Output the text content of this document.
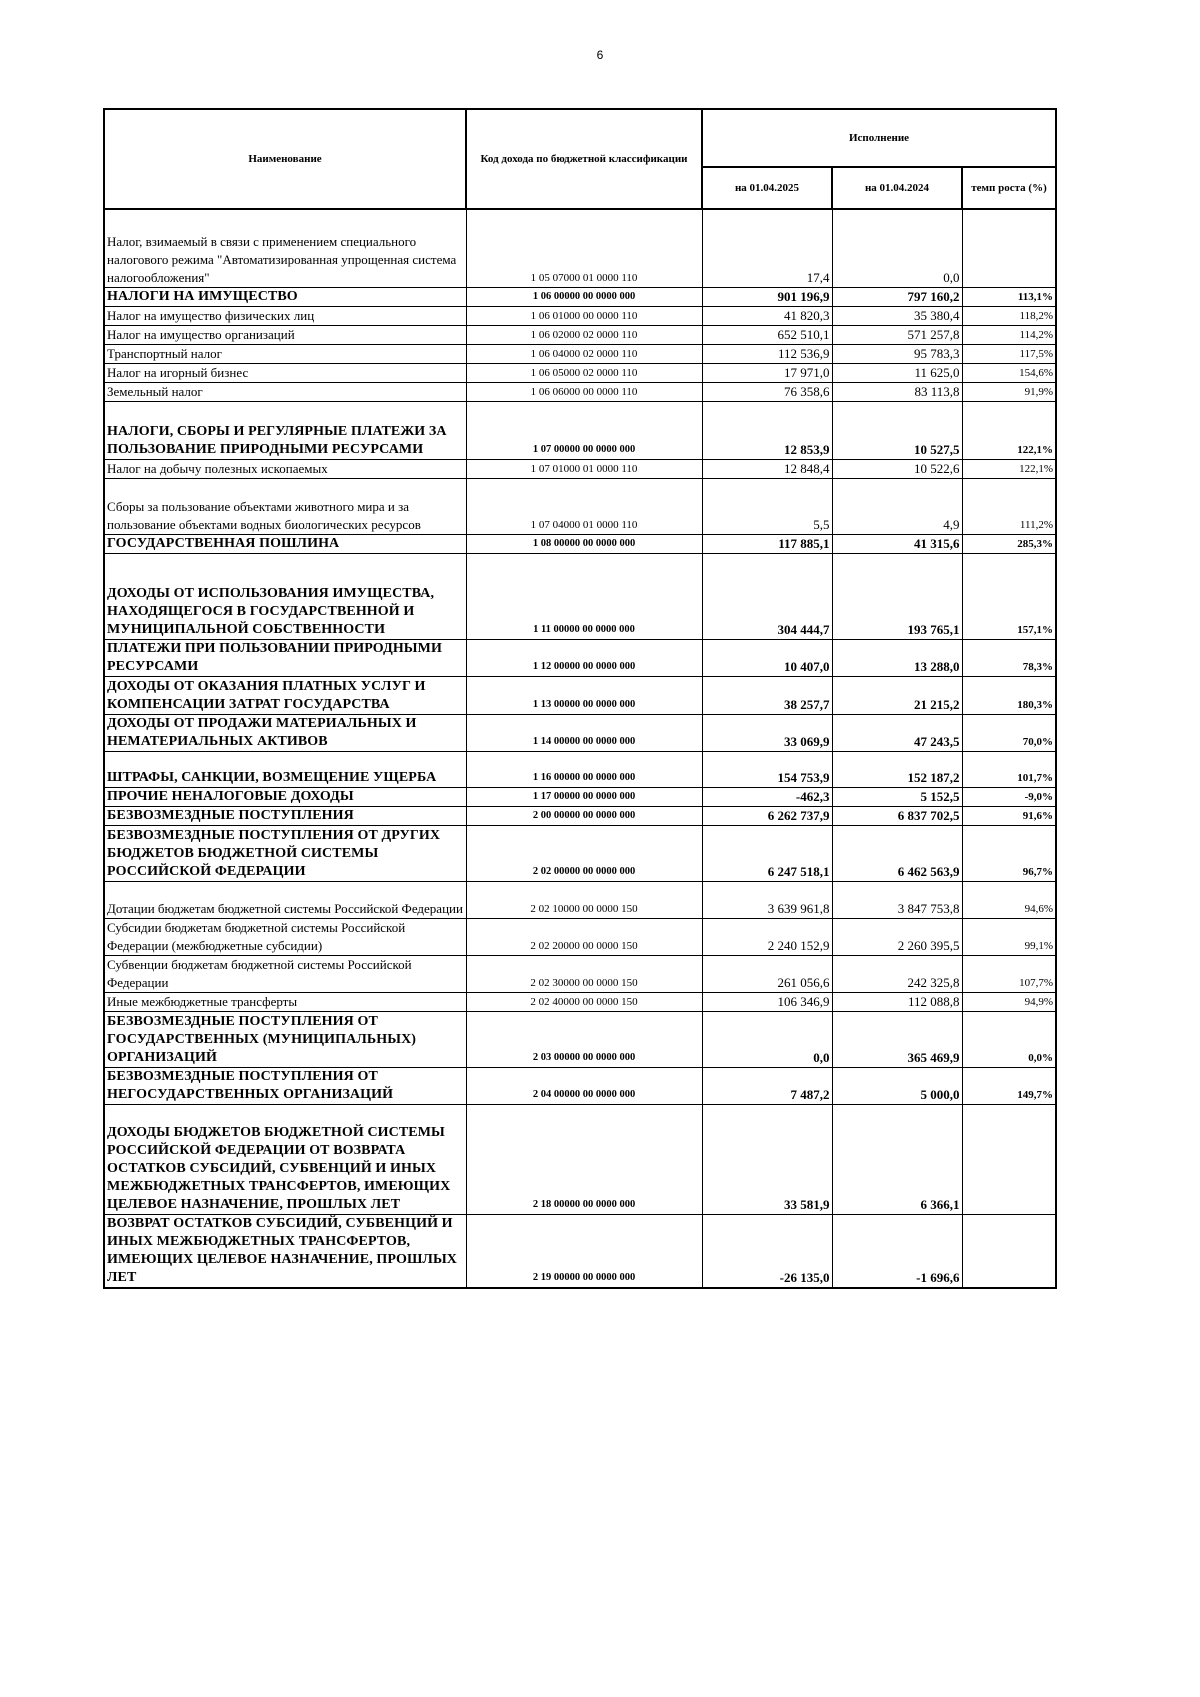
6
Наименование	Код дохода по бюджетной классификации	Исполнение		
		на 01.04.2025	на 01.04.2024	темп роста (%)
Налог, взимаемый в связи с применением специального налогового режима "Автоматизированная упрощенная система налогообложения"	1 05 07000 01 0000 110	17,4	0,0	
НАЛОГИ НА ИМУЩЕСТВО	1 06 00000 00 0000 000	901 196,9	797 160,2	113,1%
Налог на имущество физических лиц	1 06 01000 00 0000 110	41 820,3	35 380,4	118,2%
Налог на имущество организаций	1 06 02000 02 0000 110	652 510,1	571 257,8	114,2%
Транспортный налог	1 06 04000 02 0000 110	112 536,9	95 783,3	117,5%
Налог на игорный бизнес	1 06 05000 02 0000 110	17 971,0	11 625,0	154,6%
Земельный налог	1 06 06000 00 0000 110	76 358,6	83 113,8	91,9%
НАЛОГИ, СБОРЫ И РЕГУЛЯРНЫЕ ПЛАТЕЖИ ЗА ПОЛЬЗОВАНИЕ ПРИРОДНЫМИ РЕСУРСАМИ	1 07 00000 00 0000 000	12 853,9	10 527,5	122,1%
Налог на добычу полезных ископаемых	1 07 01000 01 0000 110	12 848,4	10 522,6	122,1%
Сборы за пользование объектами животного мира и за пользование объектами водных биологических ресурсов	1 07 04000 01 0000 110	5,5	4,9	111,2%
ГОСУДАРСТВЕННАЯ ПОШЛИНА	1 08 00000 00 0000 000	117 885,1	41 315,6	285,3%
ДОХОДЫ ОТ ИСПОЛЬЗОВАНИЯ ИМУЩЕСТВА, НАХОДЯЩЕГОСЯ В ГОСУДАРСТВЕННОЙ И МУНИЦИПАЛЬНОЙ СОБСТВЕННОСТИ	1 11 00000 00 0000 000	304 444,7	193 765,1	157,1%
ПЛАТЕЖИ ПРИ ПОЛЬЗОВАНИИ ПРИРОДНЫМИ РЕСУРСАМИ	1 12 00000 00 0000 000	10 407,0	13 288,0	78,3%
ДОХОДЫ ОТ ОКАЗАНИЯ ПЛАТНЫХ УСЛУГ И КОМПЕНСАЦИИ ЗАТРАТ ГОСУДАРСТВА	1 13 00000 00 0000 000	38 257,7	21 215,2	180,3%
ДОХОДЫ ОТ ПРОДАЖИ МАТЕРИАЛЬНЫХ И НЕМАТЕРИАЛЬНЫХ АКТИВОВ	1 14 00000 00 0000 000	33 069,9	47 243,5	70,0%
ШТРАФЫ, САНКЦИИ, ВОЗМЕЩЕНИЕ УЩЕРБА	1 16 00000 00 0000 000	154 753,9	152 187,2	101,7%
ПРОЧИЕ НЕНАЛОГОВЫЕ ДОХОДЫ	1 17 00000 00 0000 000	-462,3	5 152,5	-9,0%
БЕЗВОЗМЕЗДНЫЕ ПОСТУПЛЕНИЯ	2 00 00000 00 0000 000	6 262 737,9	6 837 702,5	91,6%
БЕЗВОЗМЕЗДНЫЕ ПОСТУПЛЕНИЯ ОТ ДРУГИХ БЮДЖЕТОВ БЮДЖЕТНОЙ СИСТЕМЫ РОССИЙСКОЙ ФЕДЕРАЦИИ	2 02 00000 00 0000 000	6 247 518,1	6 462 563,9	96,7%
Дотации бюджетам бюджетной системы Российской Федерации	2 02 10000 00 0000 150	3 639 961,8	3 847 753,8	94,6%
Субсидии бюджетам бюджетной системы Российской Федерации (межбюджетные субсидии)	2 02 20000 00 0000 150	2 240 152,9	2 260 395,5	99,1%
Субвенции бюджетам бюджетной системы Российской Федерации	2 02 30000 00 0000 150	261 056,6	242 325,8	107,7%
Иные межбюджетные трансферты	2 02 40000 00 0000 150	106 346,9	112 088,8	94,9%
БЕЗВОЗМЕЗДНЫЕ ПОСТУПЛЕНИЯ ОТ ГОСУДАРСТВЕННЫХ (МУНИЦИПАЛЬНЫХ) ОРГАНИЗАЦИЙ	2 03 00000 00 0000 000	0,0	365 469,9	0,0%
БЕЗВОЗМЕЗДНЫЕ ПОСТУПЛЕНИЯ ОТ НЕГОСУДАРСТВЕННЫХ ОРГАНИЗАЦИЙ	2 04 00000 00 0000 000	7 487,2	5 000,0	149,7%
ДОХОДЫ БЮДЖЕТОВ БЮДЖЕТНОЙ СИСТЕМЫ РОССИЙСКОЙ ФЕДЕРАЦИИ ОТ ВОЗВРАТА ОСТАТКОВ СУБСИДИЙ, СУБВЕНЦИЙ И ИНЫХ МЕЖБЮДЖЕТНЫХ ТРАНСФЕРТОВ, ИМЕЮЩИХ ЦЕЛЕВОЕ НАЗНАЧЕНИЕ, ПРОШЛЫХ ЛЕТ	2 18 00000 00 0000 000	33 581,9	6 366,1	
ВОЗВРАТ ОСТАТКОВ СУБСИДИЙ, СУБВЕНЦИЙ И ИНЫХ МЕЖБЮДЖЕТНЫХ ТРАНСФЕРТОВ, ИМЕЮЩИХ ЦЕЛЕВОЕ НАЗНАЧЕНИЕ, ПРОШЛЫХ ЛЕТ	2 19 00000 00 0000 000	-26 135,0	-1 696,6	
